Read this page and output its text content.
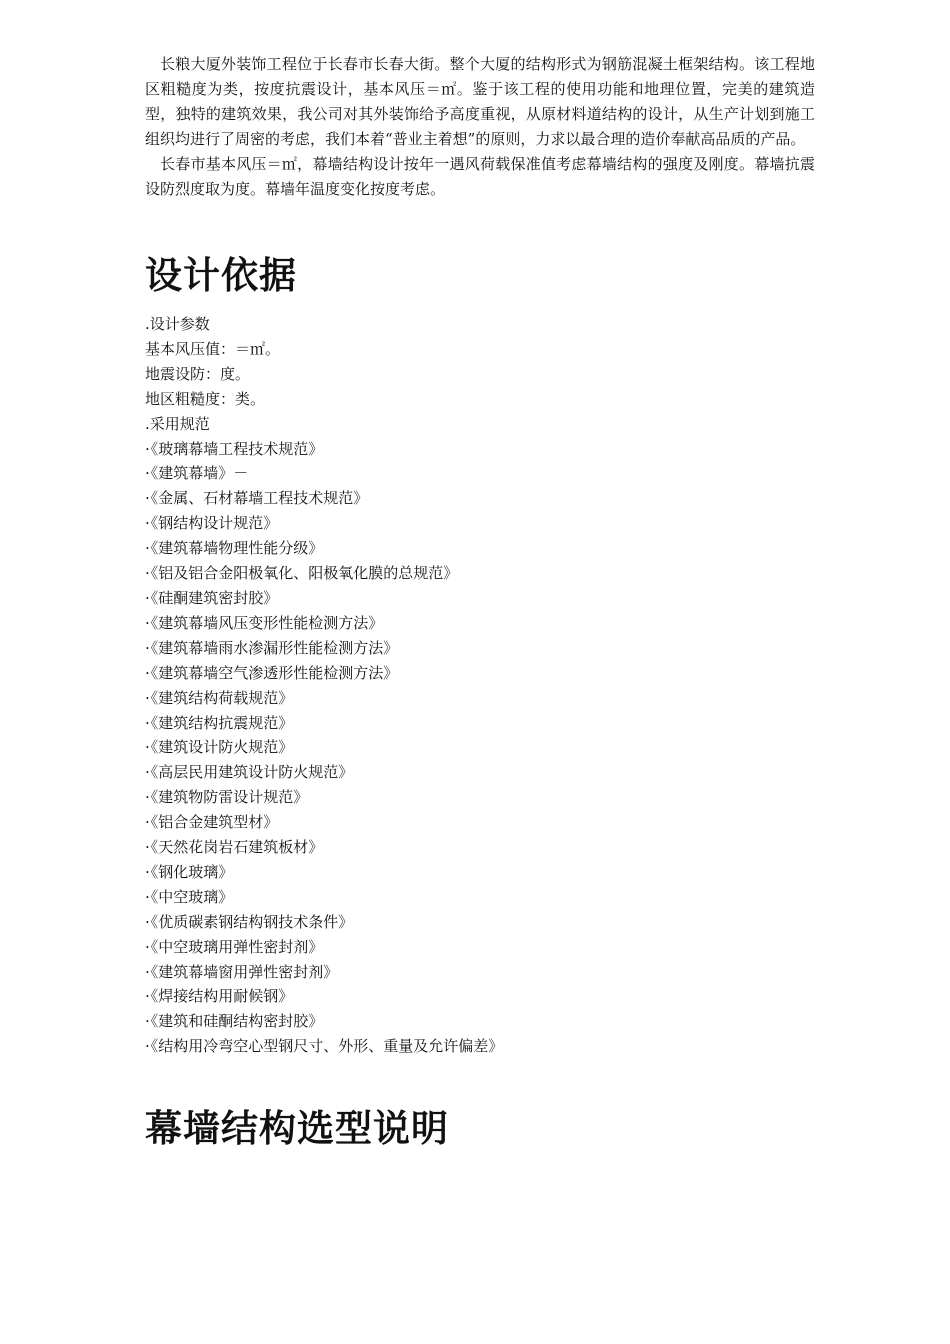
长粮大厦外装饰工程位于长春市长春大街。整个大厦的结构形式为钢筋混凝土框架结构。该工程地区粗糙度为类，按度抗震设计，基本风压＝㎡。鉴于该工程的使用功能和地理位置，完美的建筑造型，独特的建筑效果，我公司对其外装饰给予高度重视，从原材料道结构的设计，从生产计划到施工组织均进行了周密的考虑，我们本着“普业主着想”的原则，力求以最合理的造价奉献高品质的产品。

长春市基本风压＝㎡，幕墙结构设计按年一遇风荷载保准值考虑幕墙结构的强度及刚度。幕墙抗震设防烈度取为度。幕墙年温度变化按度考虑。

设计依据

.设计参数

基本风压值：＝㎡。

地震设防：度。

地区粗糙度：类。

.采用规范

·《玻璃幕墙工程技术规范》
·《建筑幕墙》－
·《金属、石材幕墙工程技术规范》
·《钢结构设计规范》
·《建筑幕墙物理性能分级》
·《铝及铝合金阳极氧化、阳极氧化膜的总规范》
·《硅酮建筑密封胶》
·《建筑幕墙风压变形性能检测方法》
·《建筑幕墙雨水渗漏形性能检测方法》
·《建筑幕墙空气渗透形性能检测方法》
·《建筑结构荷载规范》
·《建筑结构抗震规范》
·《建筑设计防火规范》
·《高层民用建筑设计防火规范》
·《建筑物防雷设计规范》
·《铝合金建筑型材》
·《天然花岗岩石建筑板材》
·《钢化玻璃》
·《中空玻璃》
·《优质碳素钢结构钢技术条件》
·《中空玻璃用弹性密封剂》
·《建筑幕墙窗用弹性密封剂》
·《焊接结构用耐候钢》
·《建筑和硅酮结构密封胶》
·《结构用冷弯空心型钢尺寸、外形、重量及允许偏差》
幕墙结构选型说明
